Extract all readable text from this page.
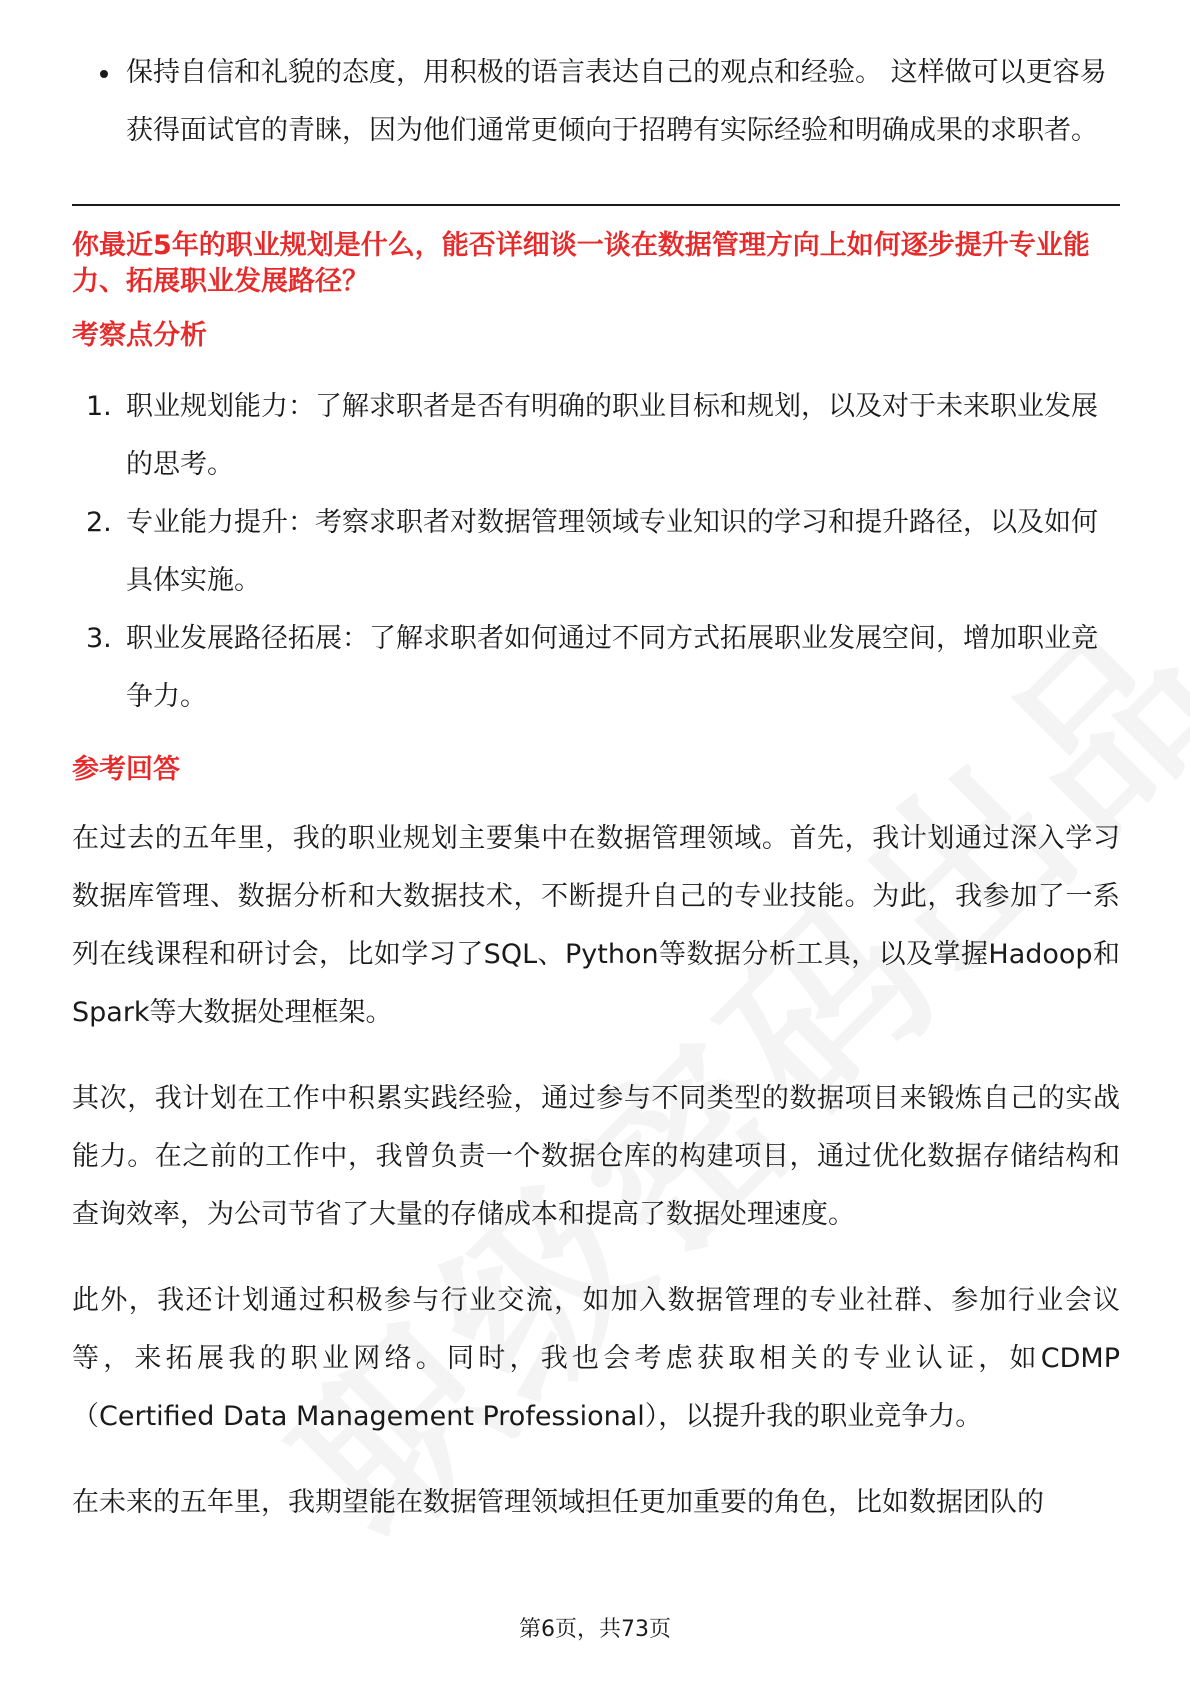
保持自信和礼貌的态度，用积极的语言表达自己的观点和经验。 这样做可以更容易获得面试官的青睐，因为他们通常更倾向于招聘有实际经验和明确成果的求职者。
你最近5年的职业规划是什么，能否详细谈一谈在数据管理方向上如何逐步提升专业能力、拓展职业发展路径？
考察点分析
1. 职业规划能力：了解求职者是否有明确的职业目标和规划，以及对于未来职业发展的思考。
2. 专业能力提升：考察求职者对数据管理领域专业知识的学习和提升路径，以及如何具体实施。
3. 职业发展路径拓展：了解求职者如何通过不同方式拓展职业发展空间，增加职业竞争力。
参考回答
在过去的五年里，我的职业规划主要集中在数据管理领域。首先，我计划通过深入学习数据库管理、数据分析和大数据技术，不断提升自己的专业技能。为此，我参加了一系列在线课程和研讨会，比如学习了SQL、Python等数据分析工具，以及掌握Hadoop和Spark等大数据处理框架。
其次，我计划在工作中积累实践经验，通过参与不同类型的数据项目来锻炼自己的实战能力。在之前的工作中，我曾负责一个数据仓库的构建项目，通过优化数据存储结构和查询效率，为公司节省了大量的存储成本和提高了数据处理速度。
此外，我还计划通过积极参与行业交流，如加入数据管理的专业社群、参加行业会议等，来拓展我的职业网络。同时，我也会考虑获取相关的专业认证，如CDMP（Certified Data Management Professional），以提升我的职业竞争力。
在未来的五年里，我期望能在数据管理领域担任更加重要的角色，比如数据团队的
第6页，共73页
